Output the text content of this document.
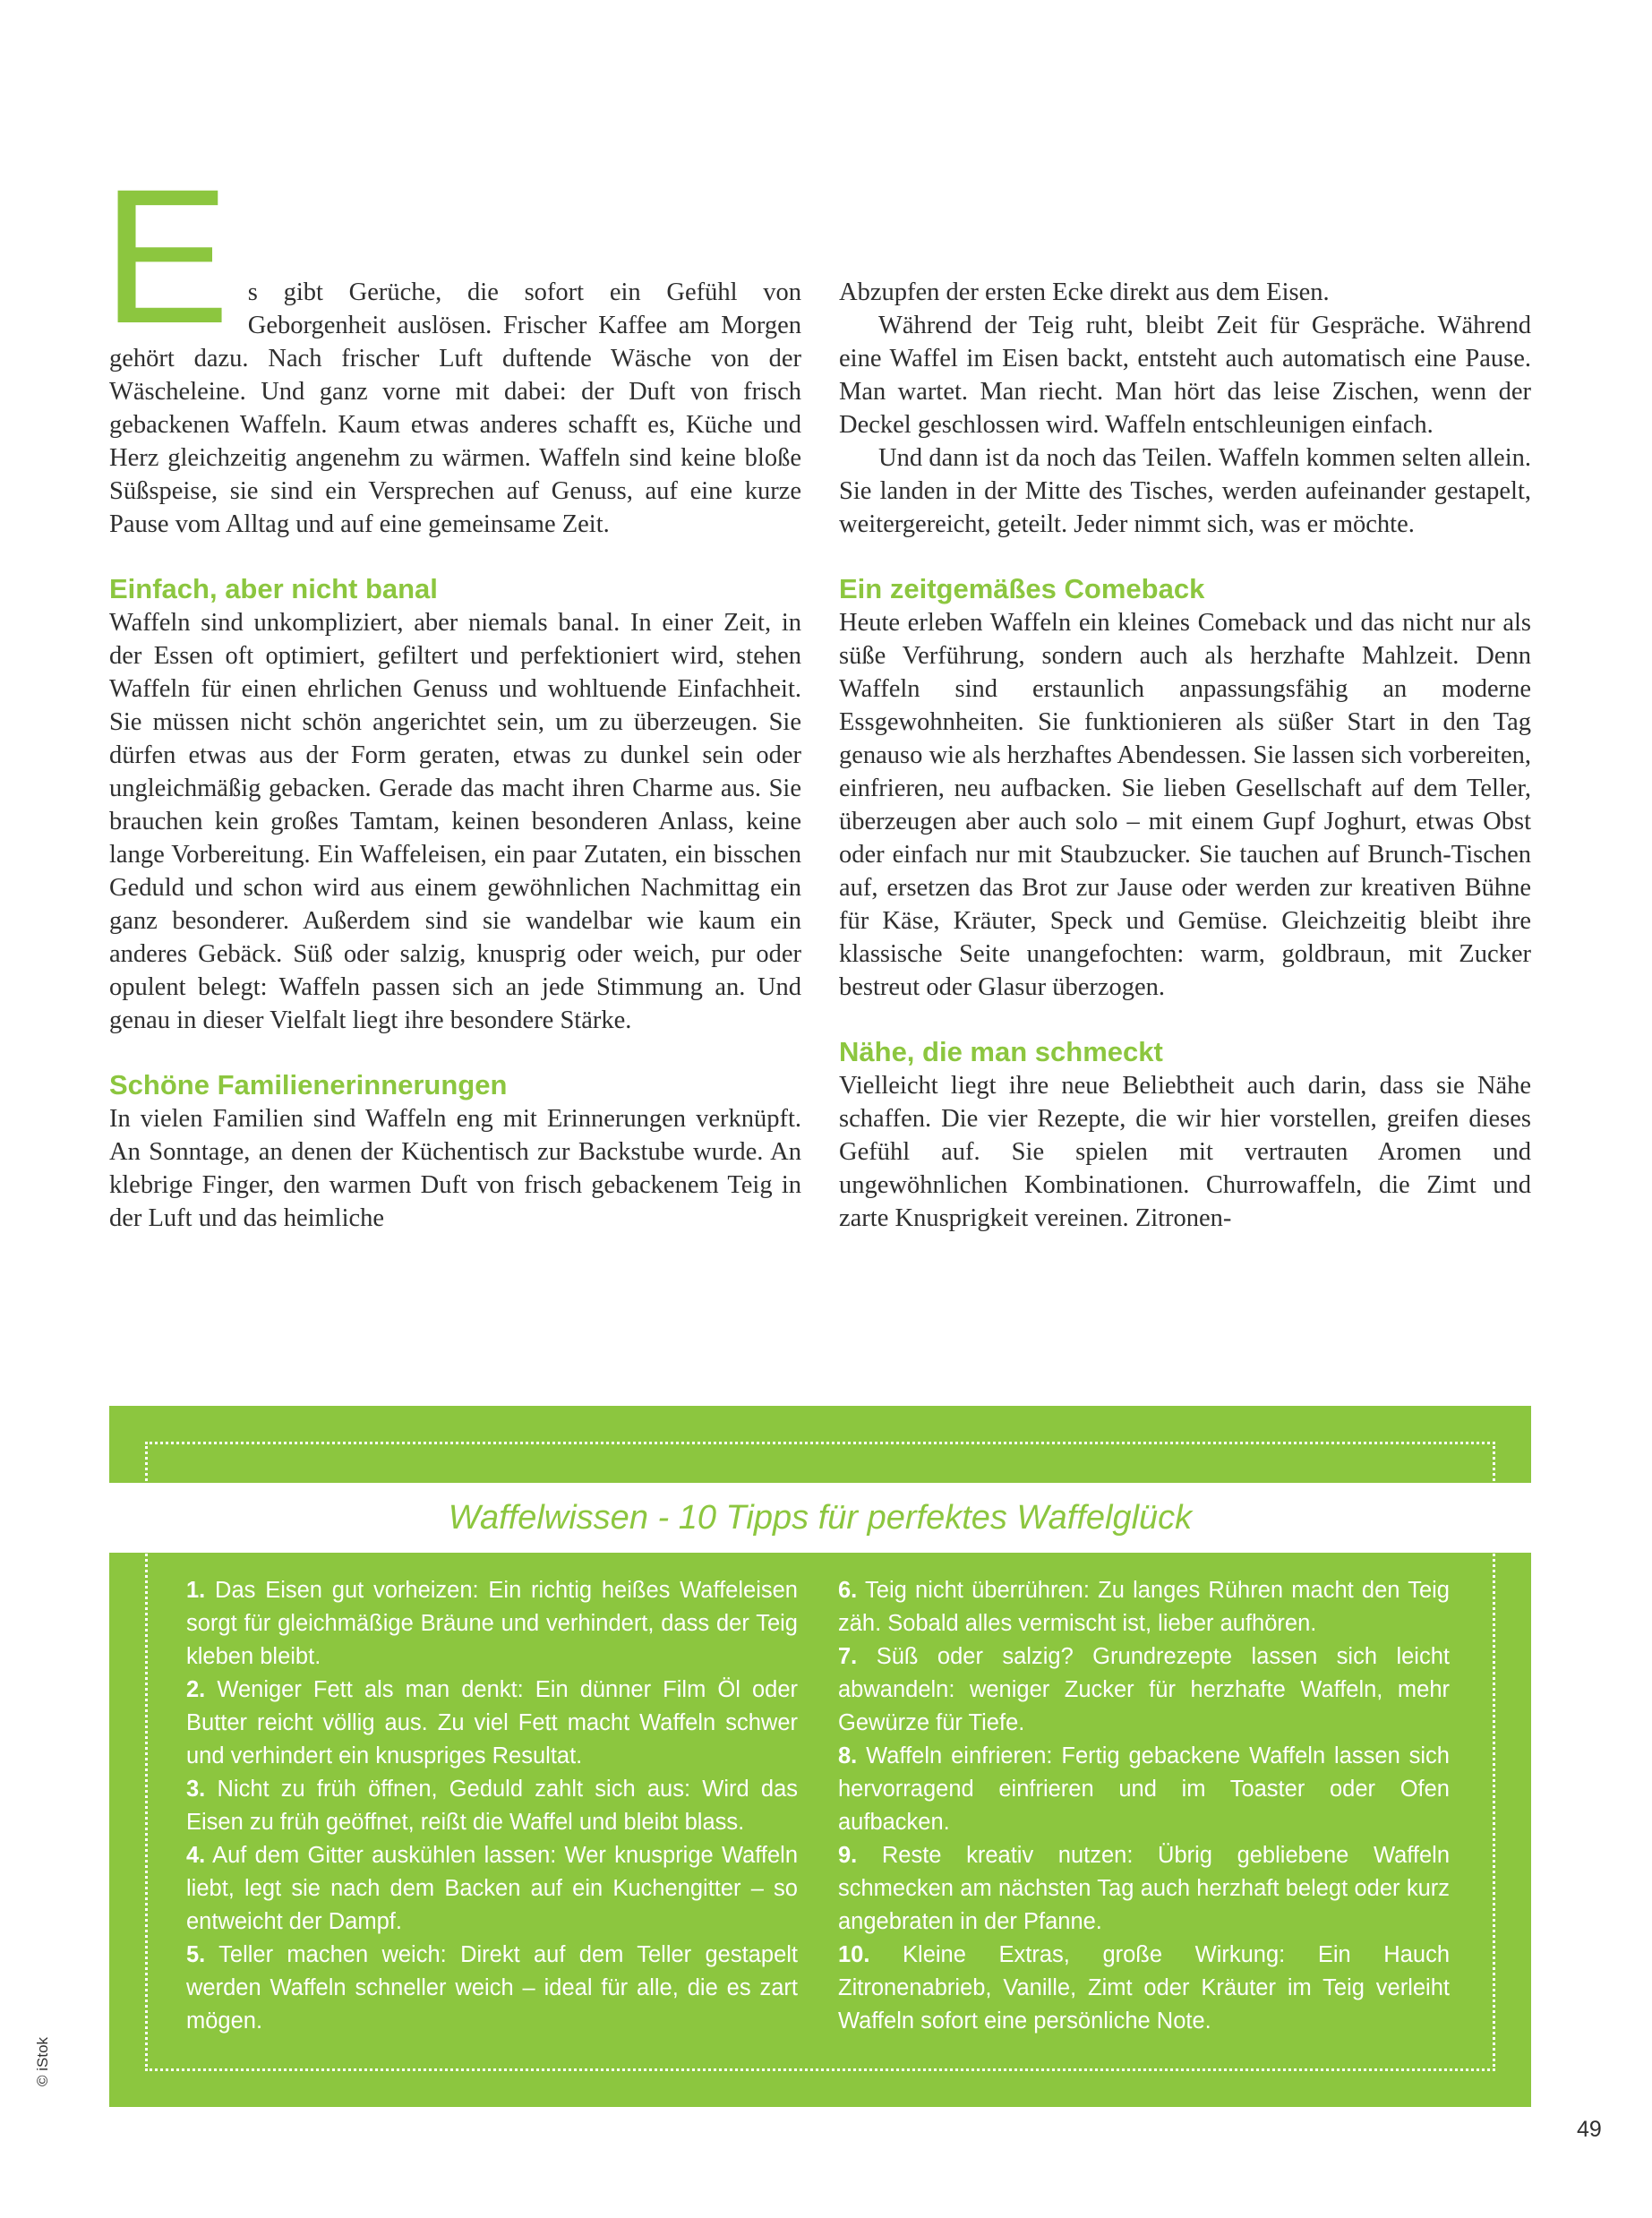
Es gibt Gerüche, die sofort ein Gefühl von Geborgenheit auslösen. Frischer Kaffee am Morgen gehört dazu. Nach frischer Luft duftende Wäsche von der Wäscheleine. Und ganz vorne mit dabei: der Duft von frisch gebackenen Waffeln. Kaum etwas anderes schafft es, Küche und Herz gleichzeitig angenehm zu wärmen. Waffeln sind keine bloße Süßspeise, sie sind ein Versprechen auf Genuss, auf eine kurze Pause vom Alltag und auf eine gemeinsame Zeit.

Einfach, aber nicht banal

Waffeln sind unkompliziert, aber niemals banal. In einer Zeit, in der Essen oft optimiert, gefiltert und perfektioniert wird, stehen Waffeln für einen ehrlichen Genuss und wohltuende Einfachheit. Sie müssen nicht schön angerichtet sein, um zu überzeugen. Sie dürfen etwas aus der Form geraten, etwas zu dunkel sein oder ungleichmäßig gebacken. Gerade das macht ihren Charme aus. Sie brauchen kein großes Tamtam, keinen besonderen Anlass, keine lange Vorbereitung. Ein Waffeleisen, ein paar Zutaten, ein bisschen Geduld und schon wird aus einem gewöhnlichen Nachmittag ein ganz besonderer. Außerdem sind sie wandelbar wie kaum ein anderes Gebäck. Süß oder salzig, knusprig oder weich, pur oder opulent belegt: Waffeln passen sich an jede Stimmung an. Und genau in dieser Vielfalt liegt ihre besondere Stärke.

Schöne Familienerinnerungen

In vielen Familien sind Waffeln eng mit Erinnerungen verknüpft. An Sonntage, an denen der Küchentisch zur Backstube wurde. An klebrige Finger, den warmen Duft von frisch gebackenem Teig in der Luft und das heimliche

Abzupfen der ersten Ecke direkt aus dem Eisen.

Während der Teig ruht, bleibt Zeit für Gespräche. Während eine Waffel im Eisen backt, entsteht auch automatisch eine Pause. Man wartet. Man riecht. Man hört das leise Zischen, wenn der Deckel geschlossen wird. Waffeln entschleunigen einfach.

Und dann ist da noch das Teilen. Waffeln kommen selten allein. Sie landen in der Mitte des Tisches, werden aufeinander gestapelt, weitergereicht, geteilt. Jeder nimmt sich, was er möchte.

Ein zeitgemäßes Comeback

Heute erleben Waffeln ein kleines Comeback und das nicht nur als süße Verführung, sondern auch als herzhafte Mahlzeit. Denn Waffeln sind erstaunlich anpassungsfähig an moderne Essgewohnheiten. Sie funktionieren als süßer Start in den Tag genauso wie als herzhaftes Abendessen. Sie lassen sich vorbereiten, einfrieren, neu aufbacken. Sie lieben Gesellschaft auf dem Teller, überzeugen aber auch solo – mit einem Gupf Joghurt, etwas Obst oder einfach nur mit Staubzucker. Sie tauchen auf Brunch-Tischen auf, ersetzen das Brot zur Jause oder werden zur kreativen Bühne für Käse, Kräuter, Speck und Gemüse. Gleichzeitig bleibt ihre klassische Seite unangefochten: warm, goldbraun, mit Zucker bestreut oder Glasur überzogen.

Nähe, die man schmeckt

Vielleicht liegt ihre neue Beliebtheit auch darin, dass sie Nähe schaffen. Die vier Rezepte, die wir hier vorstellen, greifen dieses Gefühl auf. Sie spielen mit vertrauten Aromen und ungewöhnlichen Kombinationen. Churrowaffeln, die Zimt und zarte Knusprigkeit vereinen. Zitronen-

Waffelwissen - 10 Tipps für perfektes Waffelglück

1. Das Eisen gut vorheizen: Ein richtig heißes Waffeleisen sorgt für gleichmäßige Bräune und verhindert, dass der Teig kleben bleibt.

2. Weniger Fett als man denkt: Ein dünner Film Öl oder Butter reicht völlig aus. Zu viel Fett macht Waffeln schwer und verhindert ein knuspriges Resultat.

3. Nicht zu früh öffnen, Geduld zahlt sich aus: Wird das Eisen zu früh geöffnet, reißt die Waffel und bleibt blass.

4. Auf dem Gitter auskühlen lassen: Wer knusprige Waffeln liebt, legt sie nach dem Backen auf ein Kuchengitter – so entweicht der Dampf.

5. Teller machen weich: Direkt auf dem Teller gestapelt werden Waffeln schneller weich – ideal für alle, die es zart mögen.

6. Teig nicht überrühren: Zu langes Rühren macht den Teig zäh. Sobald alles vermischt ist, lieber aufhören.

7. Süß oder salzig? Grundrezepte lassen sich leicht abwandeln: weniger Zucker für herzhafte Waffeln, mehr Gewürze für Tiefe.

8. Waffeln einfrieren: Fertig gebackene Waffeln lassen sich hervorragend einfrieren und im Toaster oder Ofen aufbacken.

9. Reste kreativ nutzen: Übrig gebliebene Waffeln schmecken am nächsten Tag auch herzhaft belegt oder kurz angebraten in der Pfanne.

10. Kleine Extras, große Wirkung: Ein Hauch Zitronenabrieb, Vanille, Zimt oder Kräuter im Teig verleiht Waffeln sofort eine persönliche Note.

© iStok
49
